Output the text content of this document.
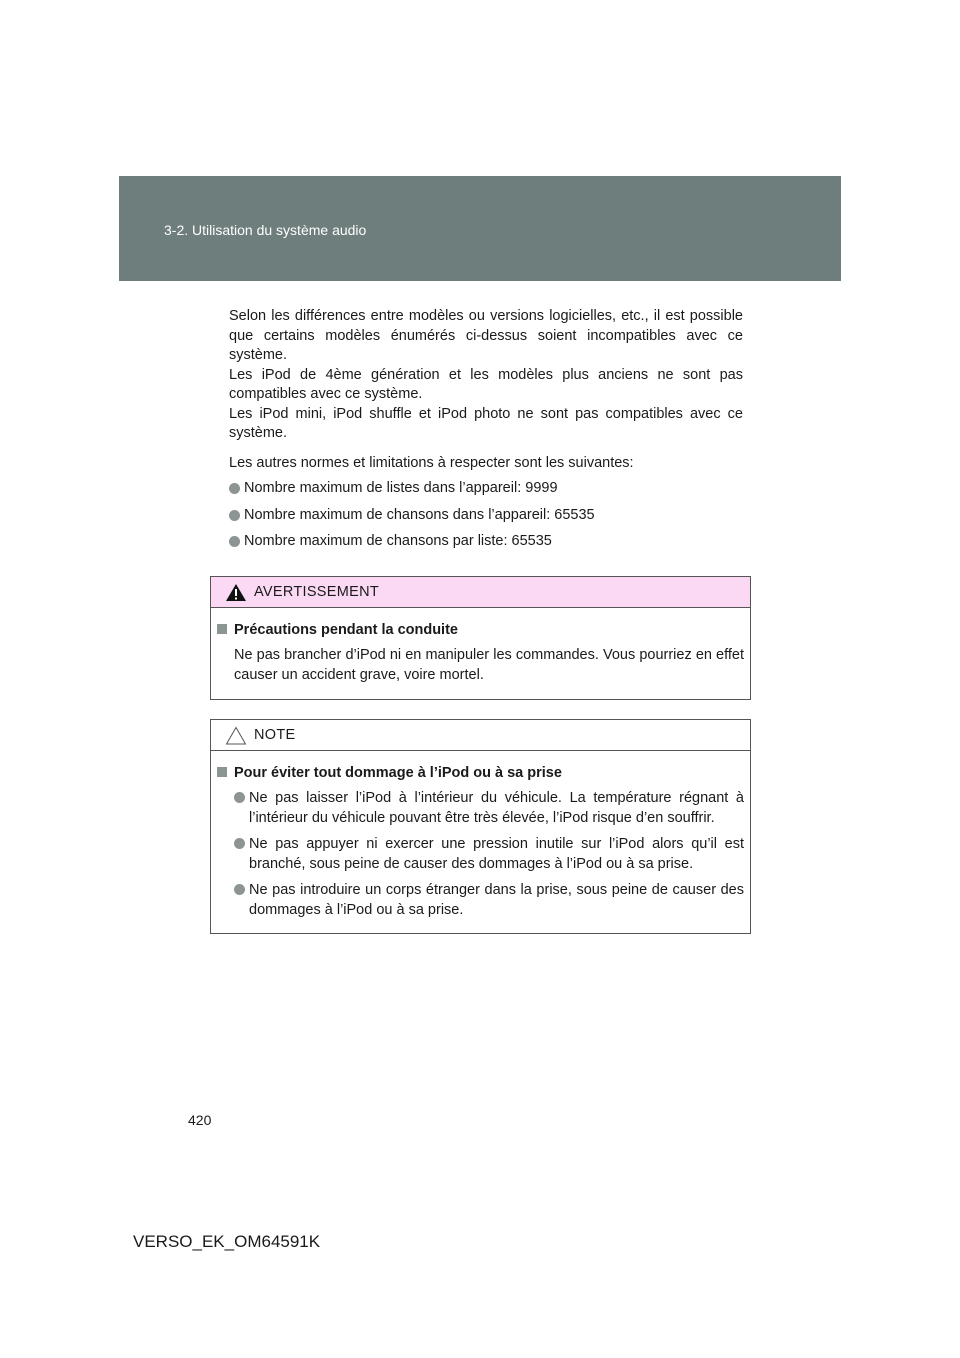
3-2. Utilisation du système audio

Selon les différences entre modèles ou versions logicielles, etc., il est possible que certains modèles énumérés ci-dessus soient incompatibles avec ce système.

Les iPod de 4ème génération et les modèles plus anciens ne sont pas compatibles avec ce système.

Les iPod mini, iPod shuffle et iPod photo ne sont pas compatibles avec ce système.

Les autres normes et limitations à respecter sont les suivantes:

Nombre maximum de listes dans l’appareil: 9999
Nombre maximum de chansons dans l’appareil: 65535
Nombre maximum de chansons par liste: 65535
AVERTISSEMENT
Précautions pendant la conduite
Ne pas brancher d’iPod ni en manipuler les commandes. Vous pourriez en effet causer un accident grave, voire mortel.
NOTE
Pour éviter tout dommage à l’iPod ou à sa prise
Ne pas laisser l’iPod à l’intérieur du véhicule. La température régnant à l’intérieur du véhicule pouvant être très élevée, l’iPod risque d’en souffrir.
Ne pas appuyer ni exercer une pression inutile sur l’iPod alors qu’il est branché, sous peine de causer des dommages à l’iPod ou à sa prise.
Ne pas introduire un corps étranger dans la prise, sous peine de causer des dommages à l’iPod ou à sa prise.
420
VERSO_EK_OM64591K
